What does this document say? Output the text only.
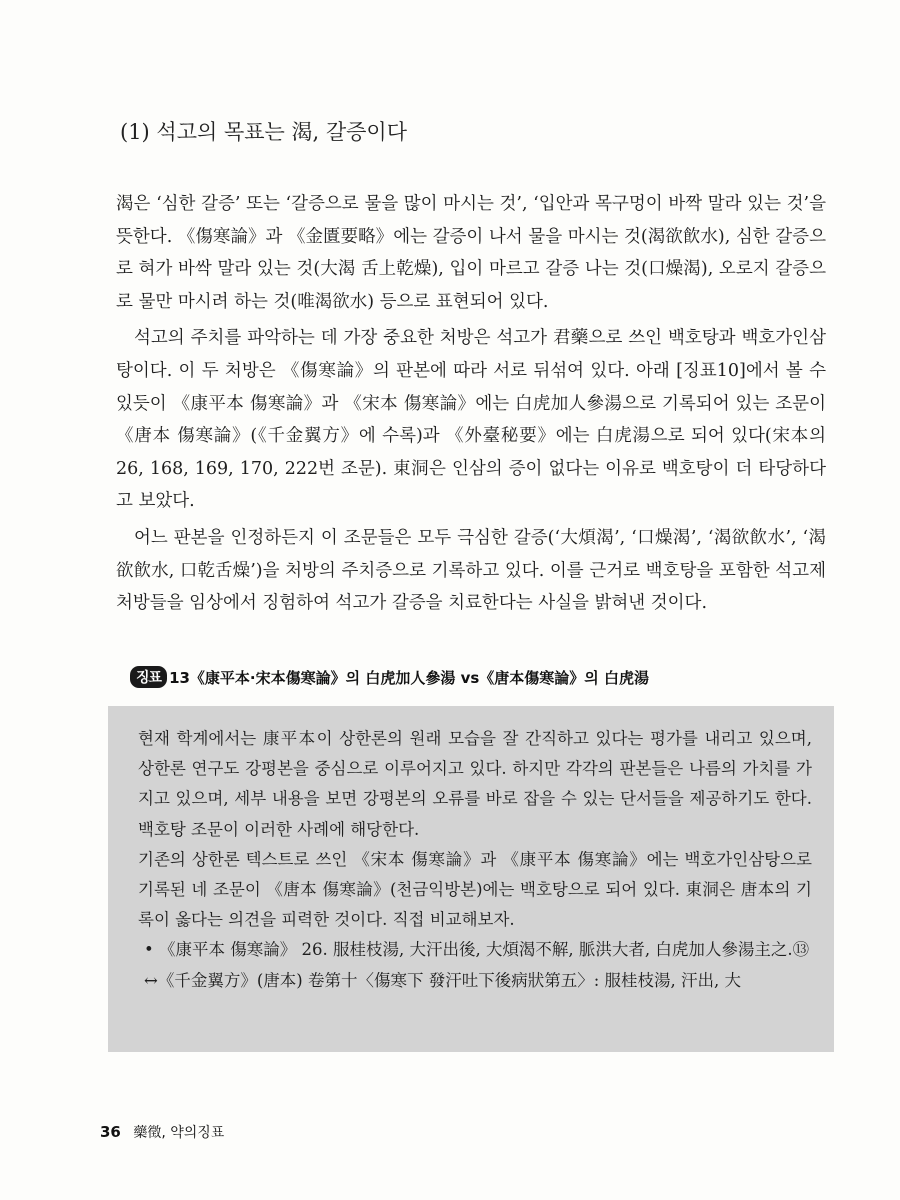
(1) 석고의 목표는 渴, 갈증이다

渴은 ‘심한 갈증’ 또는 ‘갈증으로 물을 많이 마시는 것’, ‘입안과 목구멍이 바짝 말라 있는 것’을 뜻한다. 《傷寒論》과 《金匱要略》에는 갈증이 나서 물을 마시는 것(渴欲飮水), 심한 갈증으로 혀가 바싹 말라 있는 것(大渴 舌上乾燥), 입이 마르고 갈증 나는 것(口燥渴), 오로지 갈증으로 물만 마시려 하는 것(唯渴欲水) 등으로 표현되어 있다.

석고의 주치를 파악하는 데 가장 중요한 처방은 석고가 君藥으로 쓰인 백호탕과 백호가인삼탕이다. 이 두 처방은 《傷寒論》의 판본에 따라 서로 뒤섞여 있다. 아래 [징표10]에서 볼 수 있듯이 《康平本 傷寒論》과 《宋本 傷寒論》에는 白虎加人參湯으로 기록되어 있는 조문이 《唐本 傷寒論》(《千金翼方》에 수록)과 《外臺秘要》에는 白虎湯으로 되어 있다(宋本의 26, 168, 169, 170, 222번 조문). 東洞은 인삼의 증이 없다는 이유로 백호탕이 더 타당하다고 보았다.

어느 판본을 인정하든지 이 조문들은 모두 극심한 갈증(‘大煩渴’, ‘口燥渴’, ‘渴欲飮水’, ‘渴欲飮水, 口乾舌燥’)을 처방의 주치증으로 기록하고 있다. 이를 근거로 백호탕을 포함한 석고제 처방들을 임상에서 징험하여 석고가 갈증을 치료한다는 사실을 밝혀낸 것이다.

징표 13《康平本·宋本傷寒論》의 白虎加人參湯 vs《唐本傷寒論》의 白虎湯

현재 학계에서는 康平本이 상한론의 원래 모습을 잘 간직하고 있다는 평가를 내리고 있으며, 상한론 연구도 강평본을 중심으로 이루어지고 있다. 하지만 각각의 판본들은 나름의 가치를 가지고 있으며, 세부 내용을 보면 강평본의 오류를 바로 잡을 수 있는 단서들을 제공하기도 한다. 백호탕 조문이 이러한 사례에 해당한다.

기존의 상한론 텍스트로 쓰인 《宋本 傷寒論》과 《康平本 傷寒論》에는 백호가인삼탕으로 기록된 네 조문이 《唐本 傷寒論》(천금익방본)에는 백호탕으로 되어 있다. 東洞은 唐本의 기록이 옳다는 의견을 피력한 것이다. 직접 비교해보자.

• 《康平本 傷寒論》 26. 服桂枝湯, 大汗出後, 大煩渴不解, 脈洪大者, 白虎加人參湯主之.⑬

↔《千金翼方》(唐本) 卷第十〈傷寒下 發汗吐下後病狀第五〉: 服桂枝湯, 汗出, 大

36 藥徵, 약의징표
